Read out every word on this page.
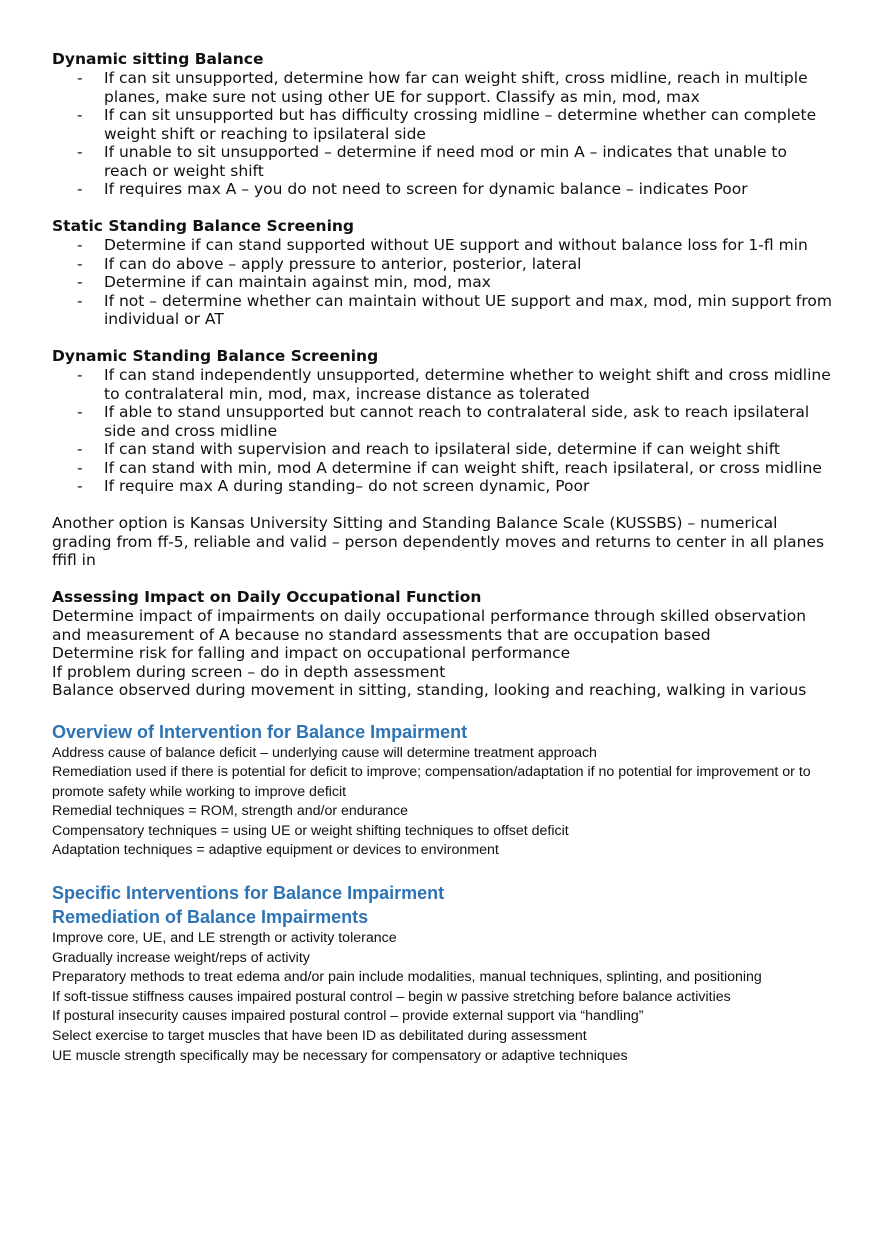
Dynamic sitting Balance

- If can sit unsupported, determine how far can weight shift, cross midline, reach in multiple planes, make sure not using other UE for support. Classify as min, mod, max
- If can sit unsupported but has difficulty crossing midline – determine whether can complete weight shift or reaching to ipsilateral side
- If unable to sit unsupported – determine if need mod or min A – indicates that unable to reach or weight shift
- If requires max A – you do not need to screen for dynamic balance – indicates Poor

Static Standing Balance Screening

- Determine if can stand supported without UE support and without balance loss for 1-fl min
- If can do above – apply pressure to anterior, posterior, lateral
- Determine if can maintain against min, mod, max
- If not – determine whether can maintain without UE support and max, mod, min support from individual or AT

Dynamic Standing Balance Screening

- If can stand independently unsupported, determine whether to weight shift and cross midline to contralateral min, mod, max, increase distance as tolerated
- If able to stand unsupported but cannot reach to contralateral side, ask to reach ipsilateral side and cross midline
- If can stand with supervision and reach to ipsilateral side, determine if can weight shift
- If can stand with min, mod A determine if can weight shift, reach ipsilateral, or cross midline
- If require max A during standing– do not screen dynamic, Poor

Another option is Kansas University Sitting and Standing Balance Scale (KUSSBS) – numerical grading from ff-5, reliable and valid – person dependently moves and returns to center in all planes ffifl in

Assessing Impact on Daily Occupational Function

Determine impact of impairments on daily occupational performance through skilled observation and measurement of A because no standard assessments that are occupation based

Determine risk for falling and impact on occupational performance

If problem during screen – do in depth assessment

Balance observed during movement in sitting, standing, looking and reaching, walking in various

Overview of Intervention for Balance Impairment

Address cause of balance deficit – underlying cause will determine treatment approach

Remediation used if there is potential for deficit to improve; compensation/adaptation if no potential for improvement or to promote safety while working to improve deficit

Remedial techniques = ROM, strength and/or endurance

Compensatory techniques = using UE or weight shifting techniques to offset deficit

Adaptation techniques = adaptive equipment or devices to environment

Specific Interventions for Balance Impairment

Remediation of Balance Impairments

Improve core, UE, and LE strength or activity tolerance

Gradually increase weight/reps of activity

Preparatory methods to treat edema and/or pain include modalities, manual techniques, splinting, and positioning

If soft-tissue stiffness causes impaired postural control – begin w passive stretching before balance activities

If postural insecurity causes impaired postural control – provide external support via “handling”

Select exercise to target muscles that have been ID as debilitated during assessment

UE muscle strength specifically may be necessary for compensatory or adaptive techniques
